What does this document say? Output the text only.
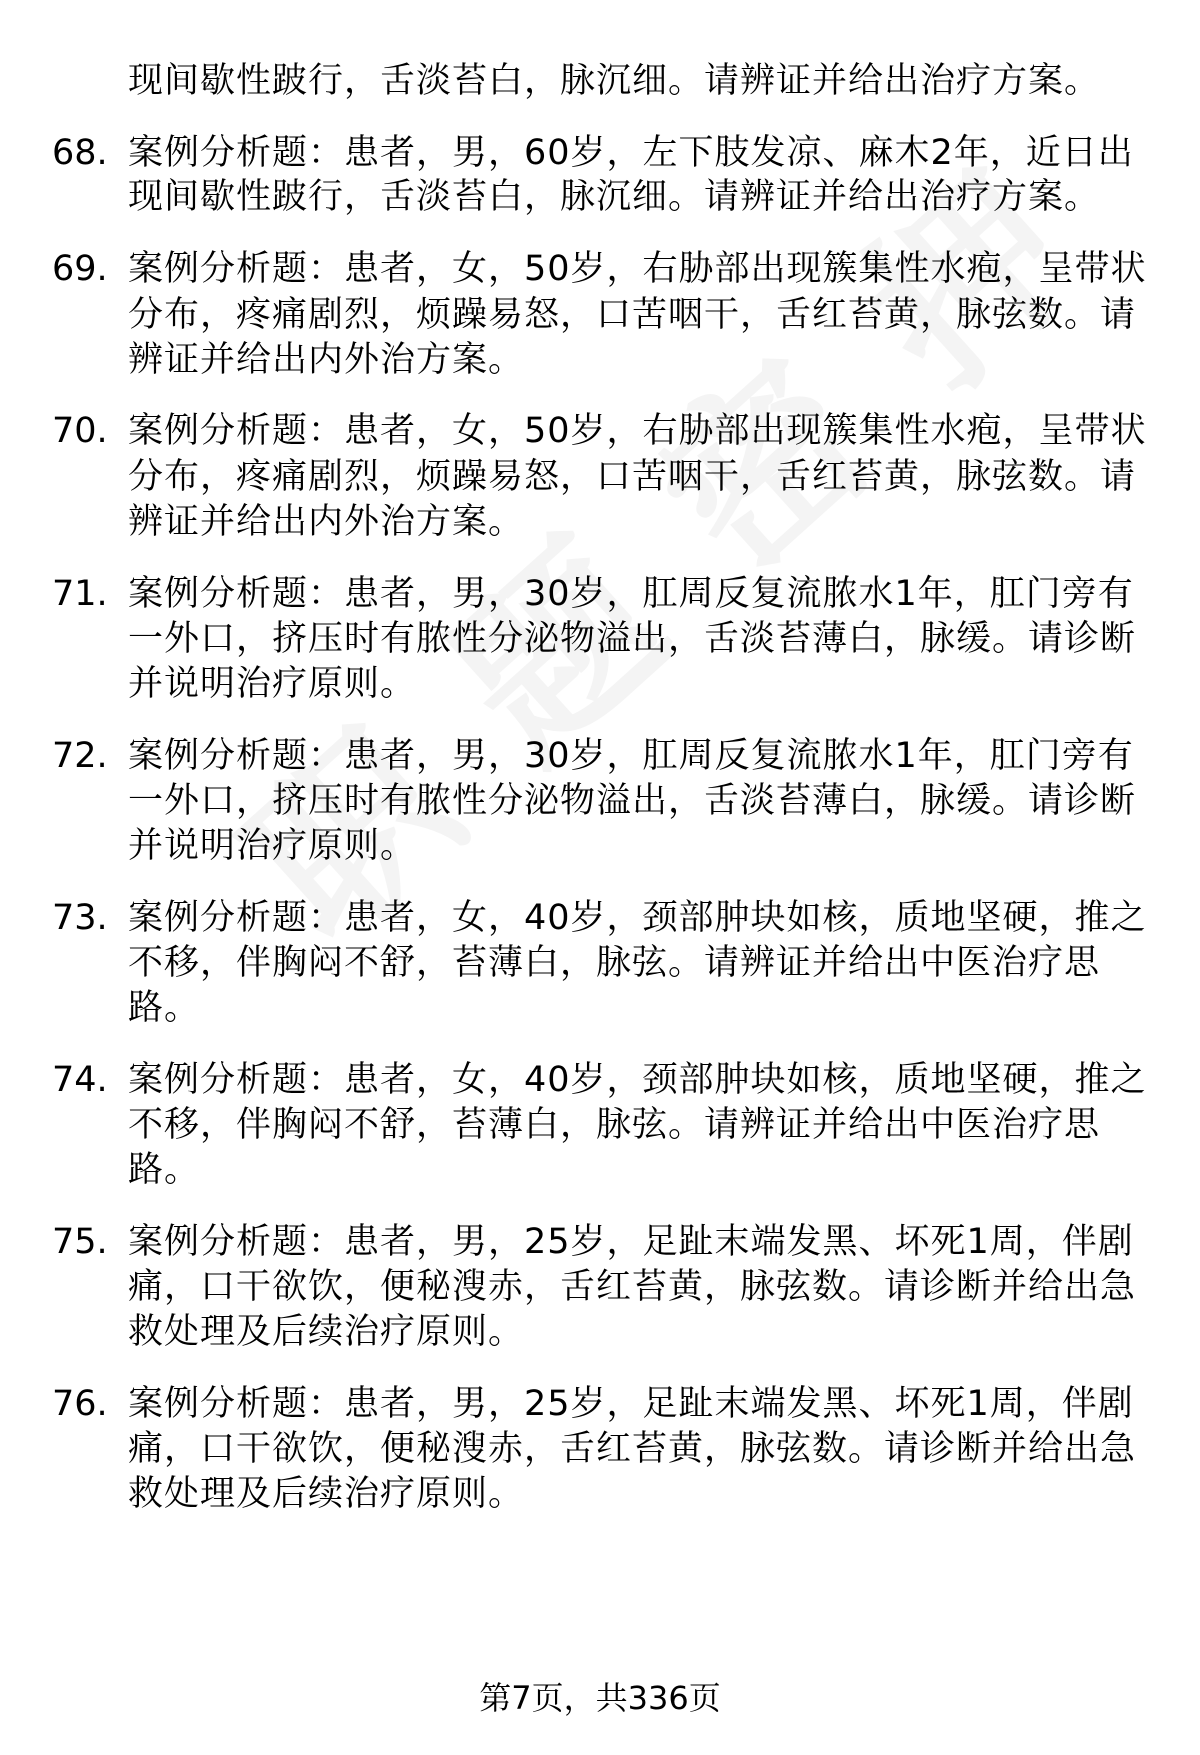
现间歇性跛行，舌淡苔白，脉沉细。请辨证并给出治疗方案。
68. 案例分析题：患者，男，60岁，左下肢发凉、麻木2年，近日出
现间歇性跛行，舌淡苔白，脉沉细。请辨证并给出治疗方案。
69. 案例分析题：患者，女，50岁，右胁部出现簇集性水疱，呈带状
分布，疼痛剧烈，烦躁易怒，口苦咽干，舌红苔黄，脉弦数。请
辨证并给出内外治方案。
70. 案例分析题：患者，女，50岁，右胁部出现簇集性水疱，呈带状
分布，疼痛剧烈，烦躁易怒，口苦咽干，舌红苔黄，脉弦数。请
辨证并给出内外治方案。
71. 案例分析题：患者，男，30岁，肛周反复流脓水1年，肛门旁有
一外口，挤压时有脓性分泌物溢出，舌淡苔薄白，脉缓。请诊断
并说明治疗原则。
72. 案例分析题：患者，男，30岁，肛周反复流脓水1年，肛门旁有
一外口，挤压时有脓性分泌物溢出，舌淡苔薄白，脉缓。请诊断
并说明治疗原则。
73. 案例分析题：患者，女，40岁，颈部肿块如核，质地坚硬，推之
不移，伴胸闷不舒，苔薄白，脉弦。请辨证并给出中医治疗思
路。
74. 案例分析题：患者，女，40岁，颈部肿块如核，质地坚硬，推之
不移，伴胸闷不舒，苔薄白，脉弦。请辨证并给出中医治疗思
路。
75. 案例分析题：患者，男，25岁，足趾末端发黑、坏死1周，伴剧
痛，口干欲饮，便秘溲赤，舌红苔黄，脉弦数。请诊断并给出急
救处理及后续治疗原则。
76. 案例分析题：患者，男，25岁，足趾末端发黑、坏死1周，伴剧
痛，口干欲饮，便秘溲赤，舌红苔黄，脉弦数。请诊断并给出急
救处理及后续治疗原则。
第7页，共336页
